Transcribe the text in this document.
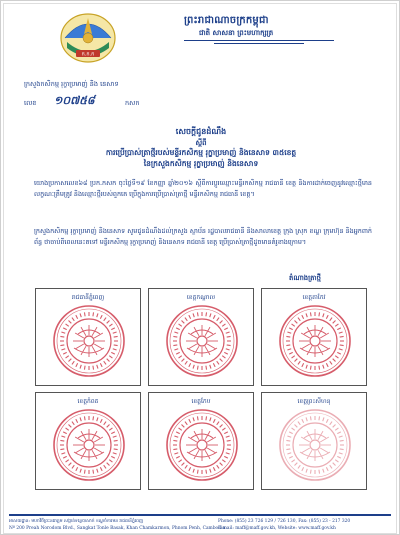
ក.ក.ក
ព្រះរាជាណាចក្រកម្ពុជា
ជាតិ សាសនា ព្រះមហាក្សត្រ
ក្រសួងកសិកម្ម រុក្ខាប្រមាញ់ និង នេសាទ
លេខ ១០៧៥៨	កសក
សេចក្តីជូនដំណឹង
ស្តីពី
ការប្រើប្រាស់ត្រាថ្មីរបស់មន្ទីរកសិកម្ម រុក្ខាប្រមាញ់ និងនេសាទ ៣៥ខេត្ត
នៃក្រសួងកសិកម្ម រុក្ខាប្រមាញ់ និងនេសាទ
យោងប្រកាសលេខ៦៨ ប្រក.កសក ចុះថ្ងៃទី១៩ ខែកញ្ញា ឆ្នាំ២០១៦ ស្តីពីការប្តូរឈ្មោះមន្ទីរកសិកម្ម រាជធានី ខេត្ត និងការដាក់ចេញនូវឈ្មោះថ្មីមានលក្ខណៈត្រឹមត្រូវ និងឈ្មោះថ្មីរបស់ពួកគេ ប្រើក្នុងការប្រើប្រាស់ត្រាថ្មី មន្ទីរកសិកម្ម រាជធានី ខេត្ត។
ក្រសួងកសិកម្ម រុក្ខាប្រមាញ់ និងនេសាទ សូមជូនដំណឹងដល់ក្រសួង ស្ថាប័ន រដ្ឋបាលរាជធានី និងសាលាខេត្ត ក្រុង ស្រុក ខណ្ឌ ក្រុមហ៊ុន និងអ្នកពាក់ព័ន្ធ ថាចាប់ពីពេលនេះតទៅ មន្ទីរកសិកម្ម រុក្ខាប្រមាញ់ និងនេសាទ រាជធានី ខេត្ត ប្រើប្រាស់ត្រាថ្មីដូចមានគំរូខាងក្រោម។
តំណាងត្រាថ្មី
រាជធានីភ្នំពេញ	ខេត្តកណ្តាល	ខេត្តតាកែវ
ខេត្តកំពត	ខេត្តកែប	ខេត្តព្រះសីហនុ
អាសយដ្ឋាន: មហាវិថីព្រះនរោត្តម សង្កាត់ទន្លេបាសាក់ ខណ្ឌចំការមន រាជធានីភ្នំពេញ
Nº 200 Preah Norodom Blvd., Sangkat Tonle Basak, Khan Chamkarmon, Phnom Penh, Cambodia
Phone: (855) 23 726 129 / 726 130, Fax: (855) 23 - 217 320
E-mail: maff@maff.gov.kh, Website: www.maff.gov.kh
